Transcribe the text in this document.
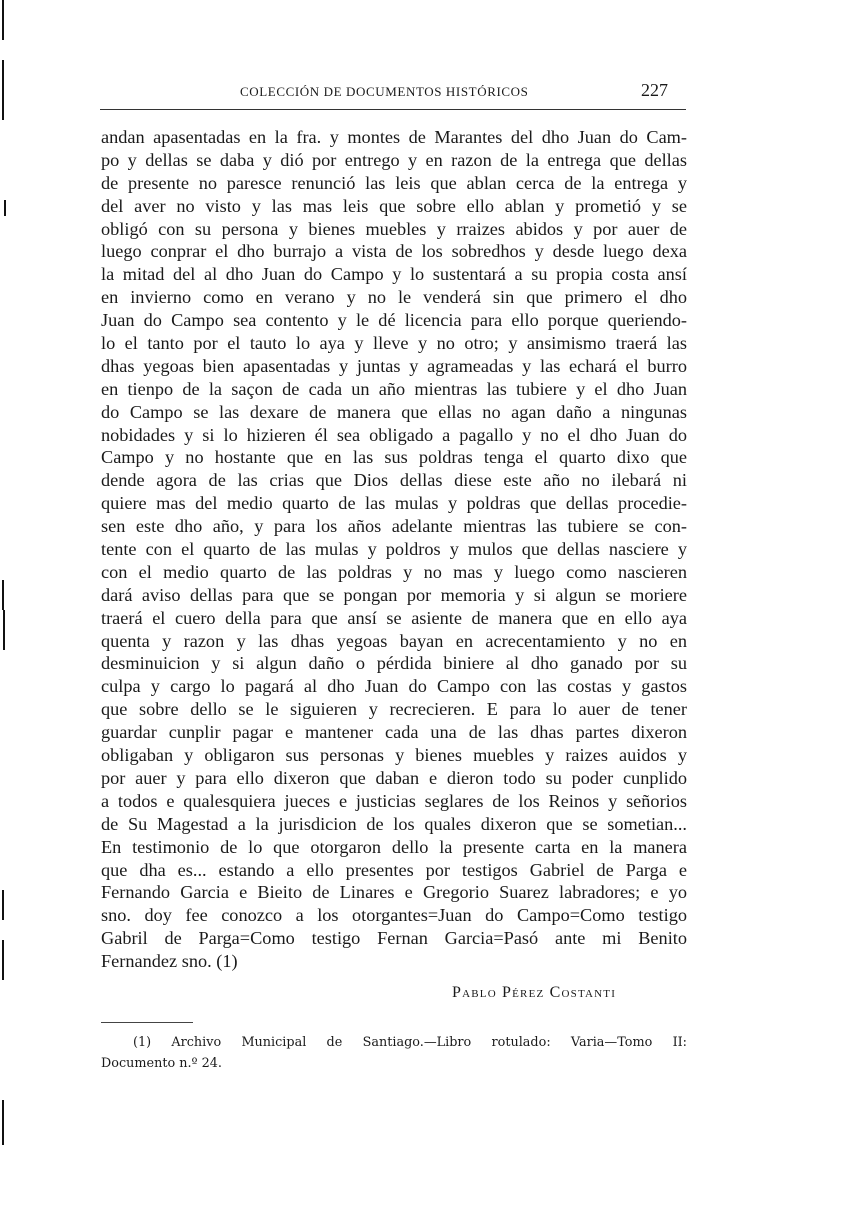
COLECCIÓN DE DOCUMENTOS HISTÓRICOS	227
andan apasentadas en la fra. y montes de Marantes del dho Juan do Cam-
po y dellas se daba y dió por entrego y en razon de la entrega que dellas
de presente no paresce renunció las leis que ablan cerca de la entrega y
del aver no visto y las mas leis que sobre ello ablan y prometió y se
obligó con su persona y bienes muebles y rraizes abidos y por auer de
luego conprar el dho burrajo a vista de los sobredhos y desde luego dexa
la mitad del al dho Juan do Campo y lo sustentará a su propia costa ansí
en invierno como en verano y no le venderá sin que primero el dho
Juan do Campo sea contento y le dé licencia para ello porque queriendo-
lo el tanto por el tauto lo aya y lleve y no otro; y ansimismo traerá las
dhas yegoas bien apasentadas y juntas y agrameadas y las echará el burro
en tienpo de la saçon de cada un año mientras las tubiere y el dho Juan
do Campo se las dexare de manera que ellas no agan daño a ningunas
nobidades y si lo hizieren él sea obligado a pagallo y no el dho Juan do
Campo y no hostante que en las sus poldras tenga el quarto dixo que
dende agora de las crias que Dios dellas diese este año no ilebará ni
quiere mas del medio quarto de las mulas y poldras que dellas procedie-
sen este dho año, y para los años adelante mientras las tubiere se con-
tente con el quarto de las mulas y poldros y mulos que dellas nasciere y
con el medio quarto de las poldras y no mas y luego como nascieren
dará aviso dellas para que se pongan por memoria y si algun se moriere
traerá el cuero della para que ansí se asiente de manera que en ello aya
quenta y razon y las dhas yegoas bayan en acrecentamiento y no en
desminuicion y si algun daño o pérdida biniere al dho ganado por su
culpa y cargo lo pagará al dho Juan do Campo con las costas y gastos
que sobre dello se le siguieren y recrecieren. E para lo auer de tener
guardar cunplir pagar e mantener cada una de las dhas partes dixeron
obligaban y obligaron sus personas y bienes muebles y raizes auidos y
por auer y para ello dixeron que daban e dieron todo su poder cunplido
a todos e qualesquiera jueces e justicias seglares de los Reinos y señorios
de Su Magestad a la jurisdicion de los quales dixeron que se sometian...
En testimonio de lo que otorgaron dello la presente carta en la manera
que dha es... estando a ello presentes por testigos Gabriel de Parga e
Fernando Garcia e Bieito de Linares e Gregorio Suarez labradores; e yo
sno. doy fee conozco a los otorgantes=Juan do Campo=Como testigo
Gabril de Parga=Como testigo Fernan Garcia=Pasó ante mi Benito
Fernandez sno. (1)
Pablo Pérez Costanti
(1) Archivo Municipal de Santiago.—Libro rotulado: Varia—Tomo II:
Documento n.º 24.
